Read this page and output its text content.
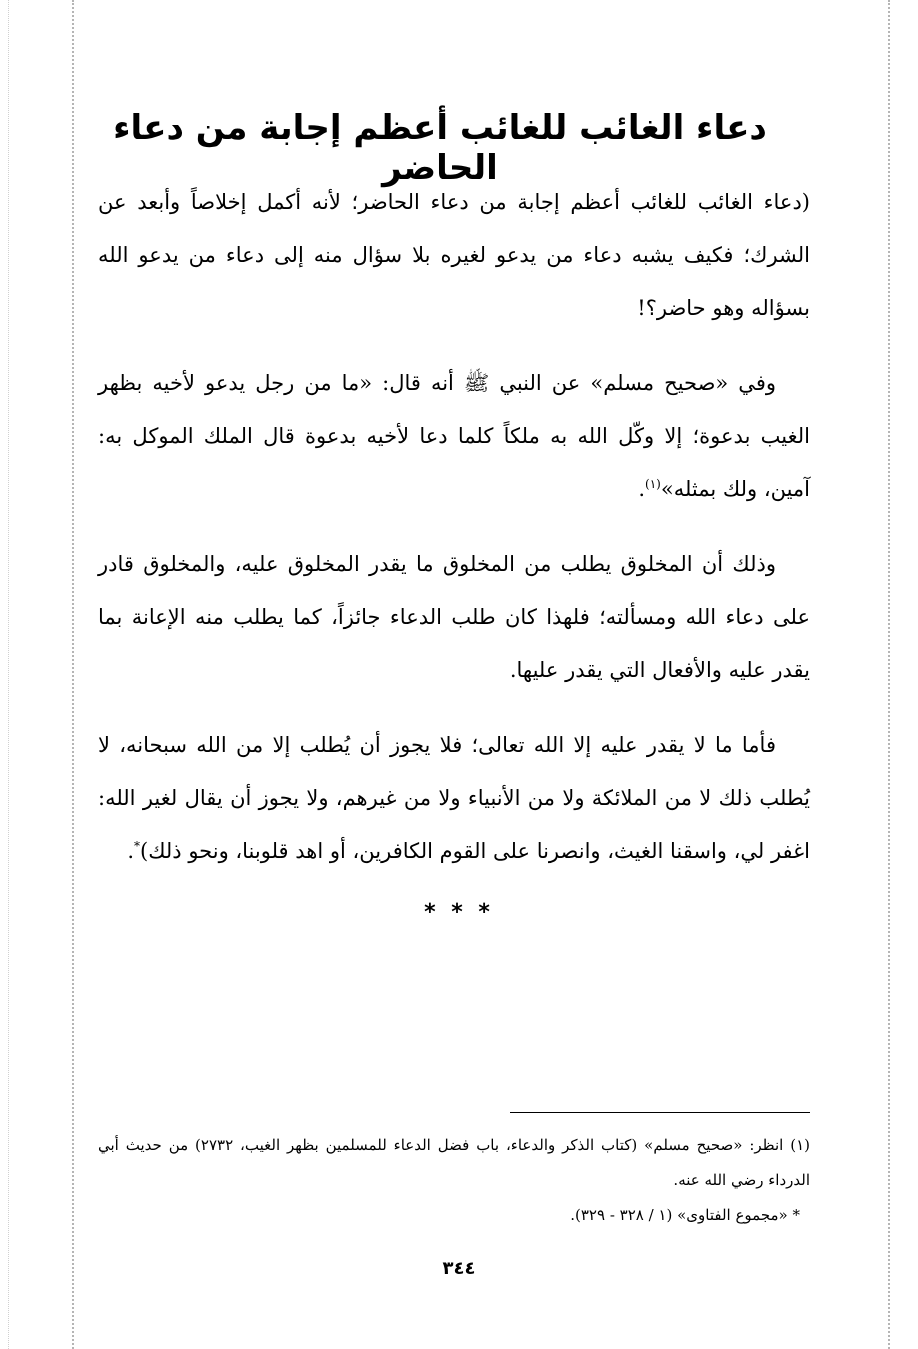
دعاء الغائب للغائب أعظم إجابة من دعاء الحاضر

(دعاء الغائب للغائب أعظم إجابة من دعاء الحاضر؛ لأنه أكمل إخلاصاً وأبعد عن الشرك؛ فكيف يشبه دعاء من يدعو لغيره بلا سؤال منه إلى دعاء من يدعو الله بسؤاله وهو حاضر؟!

وفي «صحيح مسلم» عن النبي ﷺ أنه قال: «ما من رجل يدعو لأخيه بظهر الغيب بدعوة؛ إلا وكّل الله به ملكاً كلما دعا لأخيه بدعوة قال الملك الموكل به: آمين، ولك بمثله»$^{(١)}$.

وذلك أن المخلوق يطلب من المخلوق ما يقدر المخلوق عليه، والمخلوق قادر على دعاء الله ومسألته؛ فلهذا كان طلب الدعاء جائزاً، كما يطلب منه الإعانة بما يقدر عليه والأفعال التي يقدر عليها.

فأما ما لا يقدر عليه إلا الله تعالى؛ فلا يجوز أن يُطلب إلا من الله سبحانه، لا يُطلب ذلك لا من الملائكة ولا من الأنبياء ولا من غيرهم، ولا يجوز أن يقال لغير الله: اغفر لي، واسقنا الغيث، وانصرنا على القوم الكافرين، أو اهد قلوبنا، ونحو ذلك)*.

* * *

(١) انظر: «صحيح مسلم» (كتاب الذكر والدعاء، باب فضل الدعاء للمسلمين بظهر الغيب، ٢٧٣٢) من حديث أبي الدرداء رضي الله عنه.

* «مجموع الفتاوى» (١ / ٣٢٨ - ٣٢٩).

٣٤٤
